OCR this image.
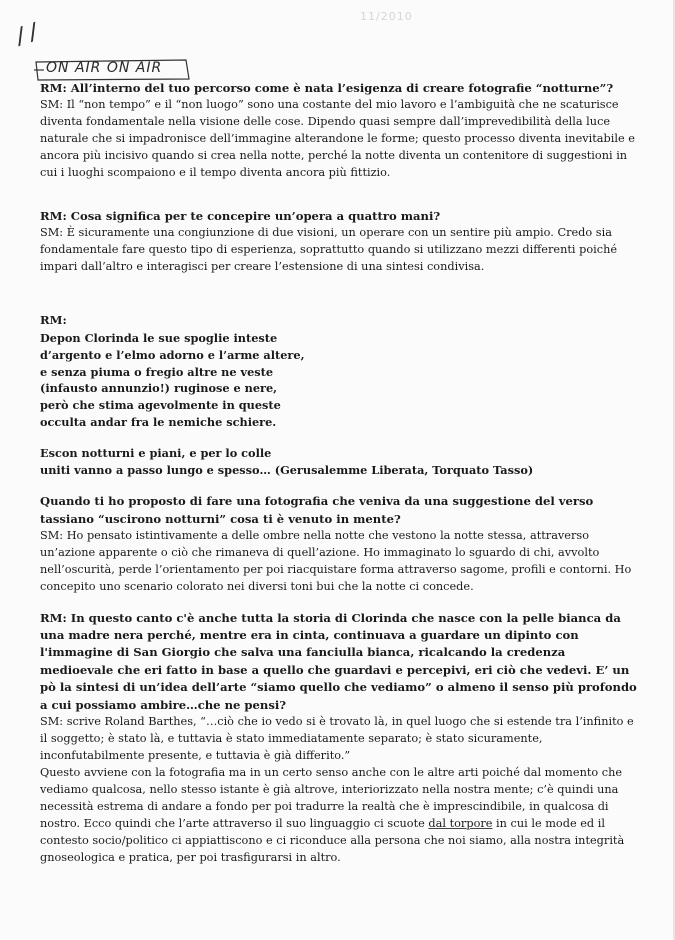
//
11/2010
ON AIR ON AIR

RM: All’interno del tuo percorso come è nata l’esigenza di creare fotografie “notturne”?

SM: Il “non tempo” e il “non luogo” sono una costante del mio lavoro e l’ambiguità che ne scaturisce diventa fondamentale nella visione delle cose. Dipendo quasi sempre dall’imprevedibilità della luce naturale che si impadronisce dell’immagine alterandone le forme; questo processo diventa inevitabile e ancora più incisivo quando si crea nella notte, perché la notte diventa un contenitore di suggestioni in cui i luoghi scompaiono e il tempo diventa ancora più fittizio.

RM: Cosa significa per te concepire un’opera a quattro mani?

SM: È sicuramente una congiunzione di due visioni, un operare con un sentire più ampio. Credo sia fondamentale fare questo tipo di esperienza, soprattutto quando si utilizzano mezzi differenti poiché impari dall’altro e interagisci per creare l’estensione di una sintesi condivisa.

RM:

Depon Clorinda le sue spoglie inteste
d’argento e l’elmo adorno e l’arme altere,
e senza piuma o fregio altre ne veste
(infausto annunzio!) ruginose e nere,
però che stima agevolmente in queste
occulta andar fra le nemiche schiere.
Escon notturni e piani, e per lo colle
uniti vanno a passo lungo e spesso… (Gerusalemme Liberata, Torquato Tasso)

Quando ti ho proposto di fare una fotografia che veniva da una suggestione del verso tassiano “uscirono notturni” cosa ti è venuto in mente?

SM: Ho pensato istintivamente a delle ombre nella notte che vestono la notte stessa, attraverso un’azione apparente o ciò che rimaneva di quell’azione. Ho immaginato lo sguardo di chi, avvolto nell’oscurità, perde l’orientamento per poi riacquistare forma attraverso sagome, profili e contorni. Ho concepito uno scenario colorato nei diversi toni bui che la notte ci concede.

RM: In questo canto c'è anche tutta la storia di Clorinda che nasce con la pelle bianca da una madre nera perché, mentre era in cinta, continuava a guardare un dipinto con l'immagine di San Giorgio che salva una fanciulla bianca, ricalcando la credenza medioevale che eri fatto in base a quello che guardavi e percepivi, eri ciò che vedevi. E’ un pò la sintesi di un’idea dell’arte “siamo quello che vediamo” o almeno il senso più profondo a cui possiamo ambire…che ne pensi?

SM: scrive Roland Barthes, “…ciò che io vedo si è trovato là, in quel luogo che si estende tra l’infinito e il soggetto; è stato là, e tuttavia è stato immediatamente separato; è stato sicuramente, inconfutabilmente presente, e tuttavia è già differito.”

Questo avviene con la fotografia ma in un certo senso anche con le altre arti poiché dal momento che vediamo qualcosa, nello stesso istante è già altrove, interiorizzato nella nostra mente; c’è quindi una necessità estrema di andare a fondo per poi tradurre la realtà che è imprescindibile, in qualcosa di nostro. Ecco quindi che l’arte attraverso il suo linguaggio ci scuote dal torpore in cui le mode ed il contesto socio/politico ci appiattiscono e ci riconduce alla persona che noi siamo, alla nostra integrità gnoseologica e pratica, per poi trasfigurarsi in altro.
